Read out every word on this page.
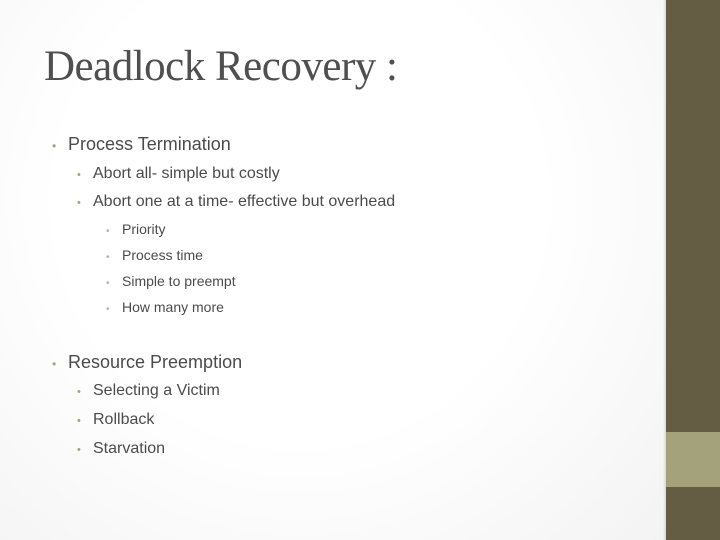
Deadlock Recovery :
• Process Termination
• Abort all- simple but costly
• Abort one at a time- effective but overhead
• Priority
• Process time
• Simple to preempt
• How many more
• Resource Preemption
• Selecting a Victim
• Rollback
• Starvation
